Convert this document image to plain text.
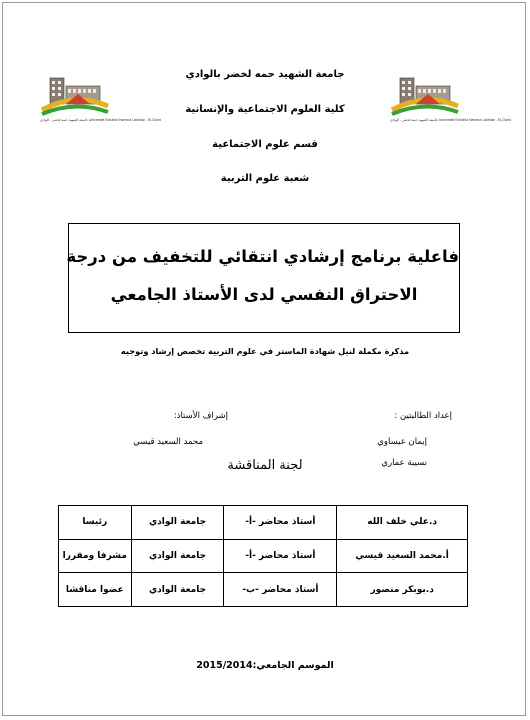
جامعة الشهيد حمة لخضر - الوادي Université Echahid Hamma Lakhdar - El-Oued	جامعة الشهيد حمة لخضر - الوادي Université Echahid Hamma Lakhdar - El-Oued
جامعة الشهيد حمه لخضر بالوادي
كلية العلوم الاجتماعية والإنسانية
قسم علوم الاجتماعية
شعبة علوم التربية
فاعلية برنامج إرشادي انتقائي للتخفيف من درجة
الاحتراق النفسي لدى الأستاذ الجامعي
مذكرة مكملة لنيل شهادة الماستر في علوم التربية تخصص إرشاد وتوجيه
إعداد الطالبتين :
إيمان عيساوي
نسيبة عماري
إشراف الأستاذ:
محمد السعيد قيسي
لجنة المناقشة
د.علي خلف الله	أستاذ محاضر -أ-	جامعة الوادي	رئيسا
أ.محمد السعيد قيسي	أستاذ محاضر -أ-	جامعة الوادي	مشرفا ومقررا
د.بوبكر منصور	أستاذ محاضر -ب-	جامعة الوادي	عضوا مناقشا
الموسم الجامعي:2015/2014
